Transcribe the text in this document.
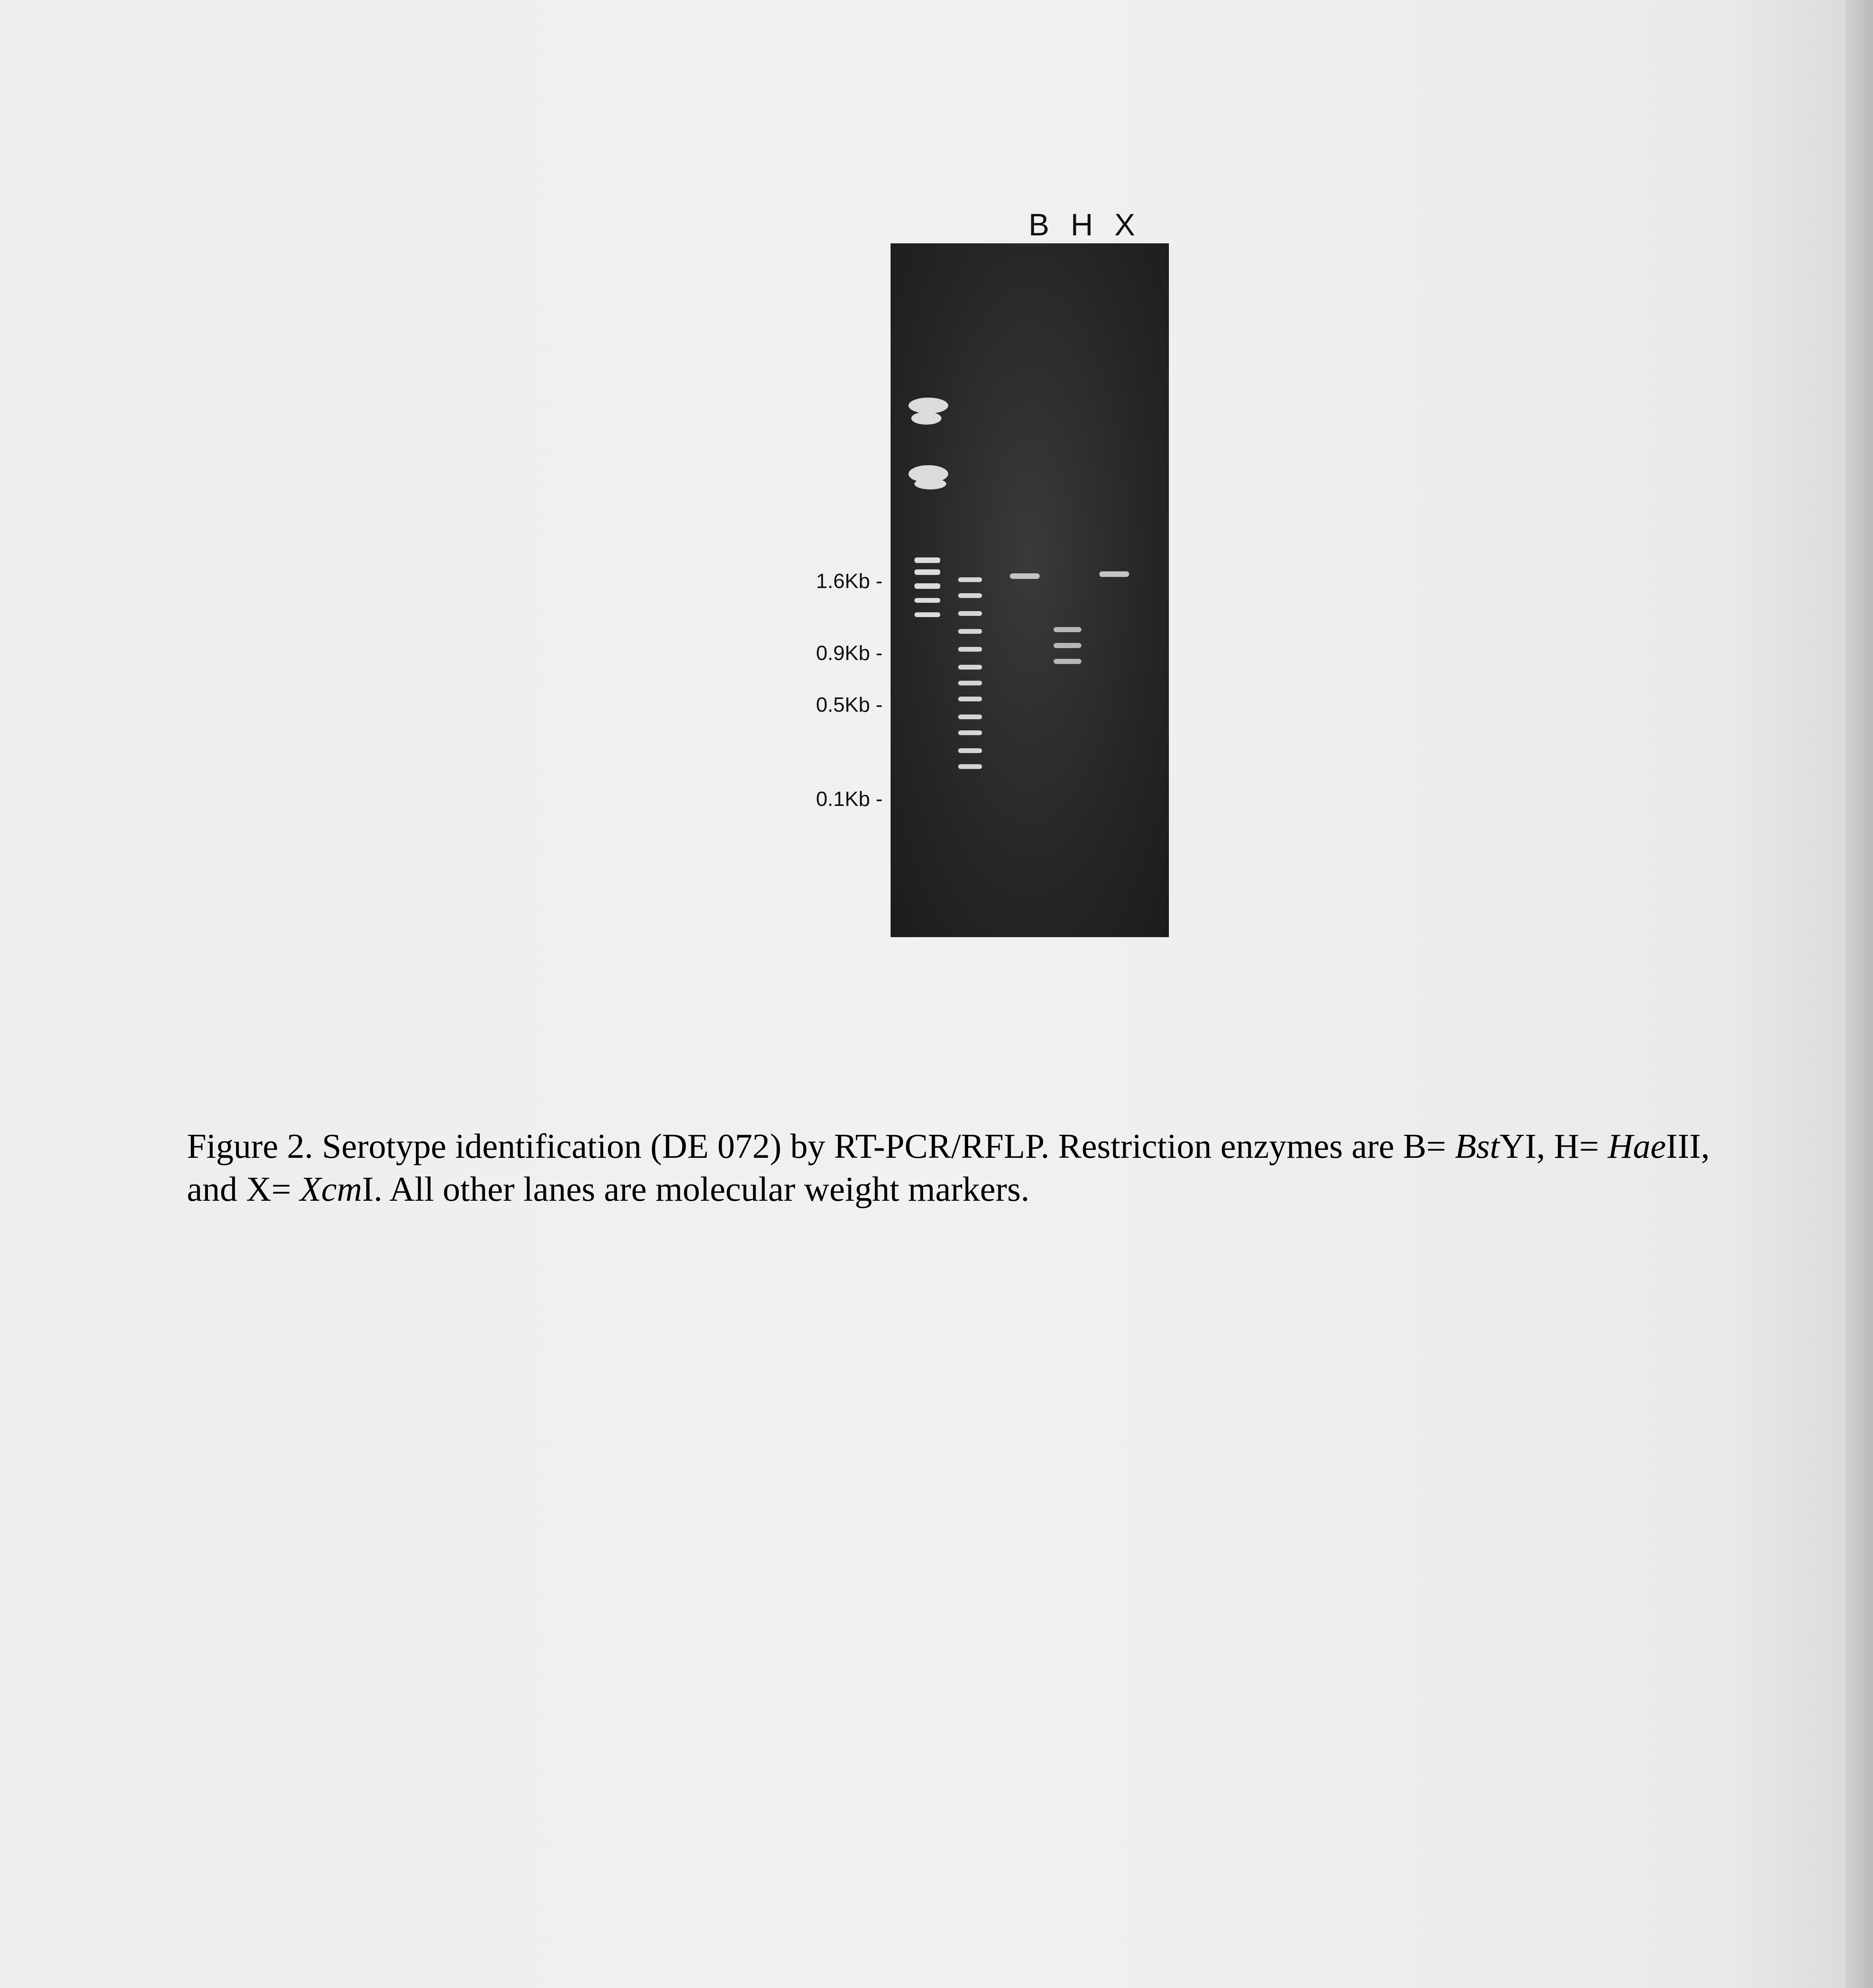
B H X
1.6Kb -
0.9Kb -
0.5Kb -
0.1Kb -
Figure 2. Serotype identification (DE 072) by RT-PCR/RFLP. Restriction enzymes are B= BstYI, H= HaeIII, and X= XcmI. All other lanes are molecular weight markers.
